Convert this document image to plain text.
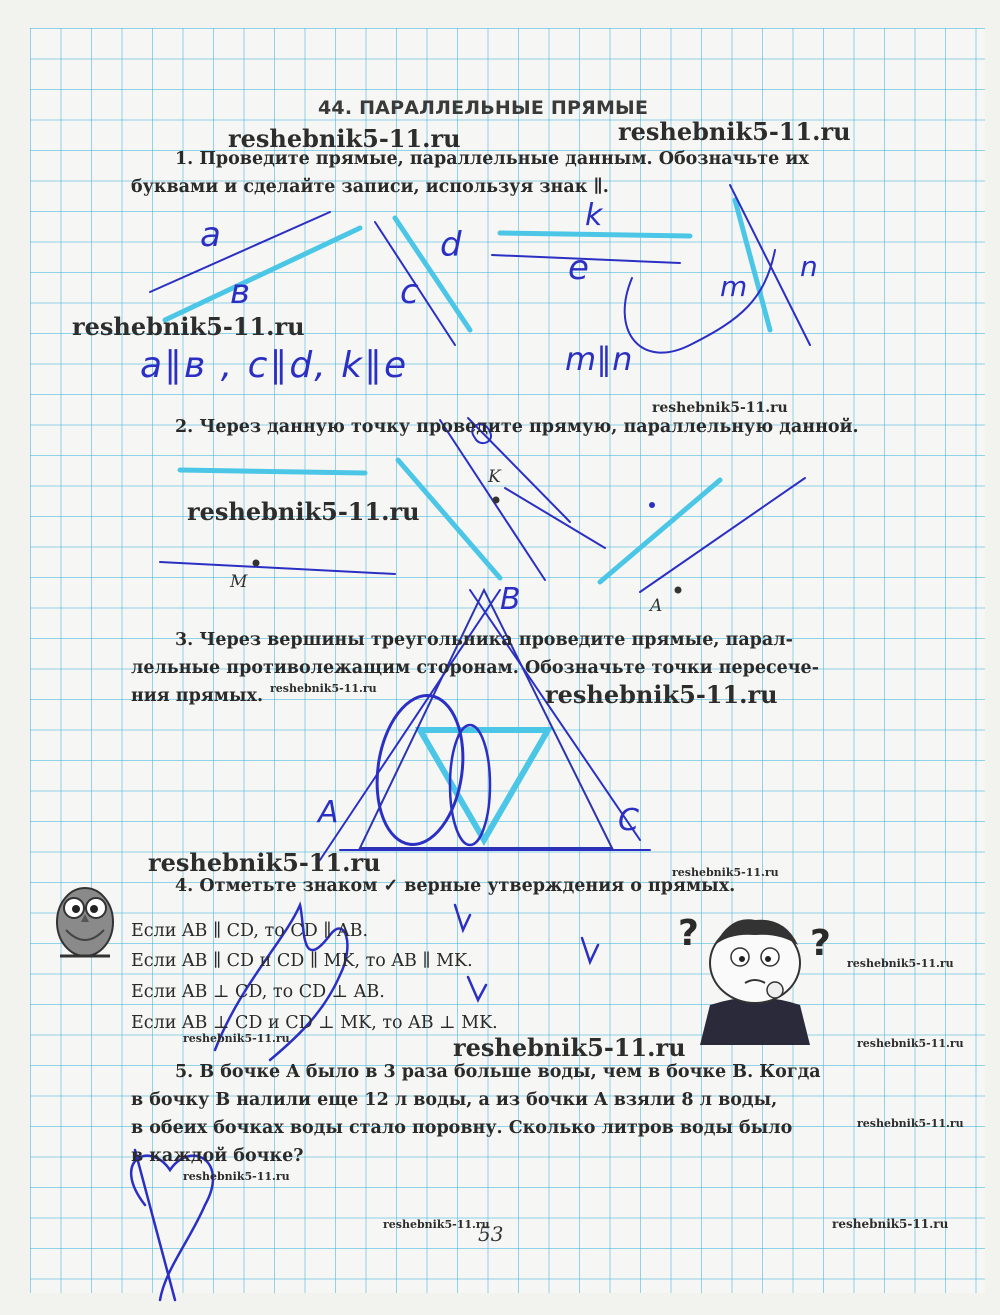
?	?
44. ПАРАЛЛЕЛЬНЫЕ ПРЯМЫЕ
reshebnik5-11.ru	reshebnik5-11.ru
1. Проведите прямые, параллельные данным. Обозначьте их
буквами и сделайте записи, используя знак ∥.
reshebnik5-11.ru
a
в	c
d
k
e	m
n
a∥в , c∥d, k∥e	m∥n
reshebnik5-11.ru
2. Через данную точку проведите прямую, параллельную данной.
reshebnik5-11.ru
K
M
A
B
3. Через вершины треугольника проведите прямые, парал-
лельные противолежащим сторонам. Обозначьте точки пересече-
ния прямых. reshebnik5-11.ru	reshebnik5-11.ru
A	C
reshebnik5-11.ru	reshebnik5-11.ru
4. Отметьте знаком ✓ верные утверждения о прямых.
Если AB ∥ CD, то CD ∥ AB.
Если AB ∥ CD и CD ∥ MK, то AB ∥ MK.
Если AB ⊥ CD, то CD ⊥ AB.
Если AB ⊥ CD и CD ⊥ MK, то AB ⊥ MK.
reshebnik5-11.ru
reshebnik5-11.ru
reshebnik5-11.ru	reshebnik5-11.ru
5. В бочке A было в 3 раза больше воды, чем в бочке B. Когда
в бочку B налили еще 12 л воды, а из бочки A взяли 8 л воды,
в обеих бочках воды стало поровну. Сколько литров воды было
в каждой бочке?
reshebnik5-11.ru
reshebnik5-11.ru
reshebnik5-11.ru	reshebnik5-11.ru
53
